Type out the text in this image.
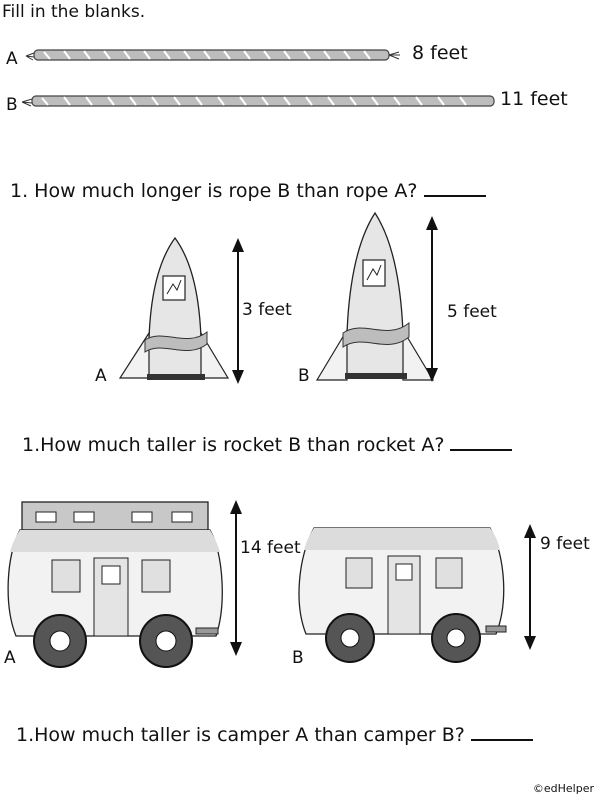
Fill in the blanks.
A	8 feet
B	11 feet
1. How much longer is rope B than rope A?
A
3 feet
B
5 feet
1.How much taller is rocket B than rocket A?
A
14 feet
B
9 feet
1.How much taller is camper A than camper B?
©edHelper
